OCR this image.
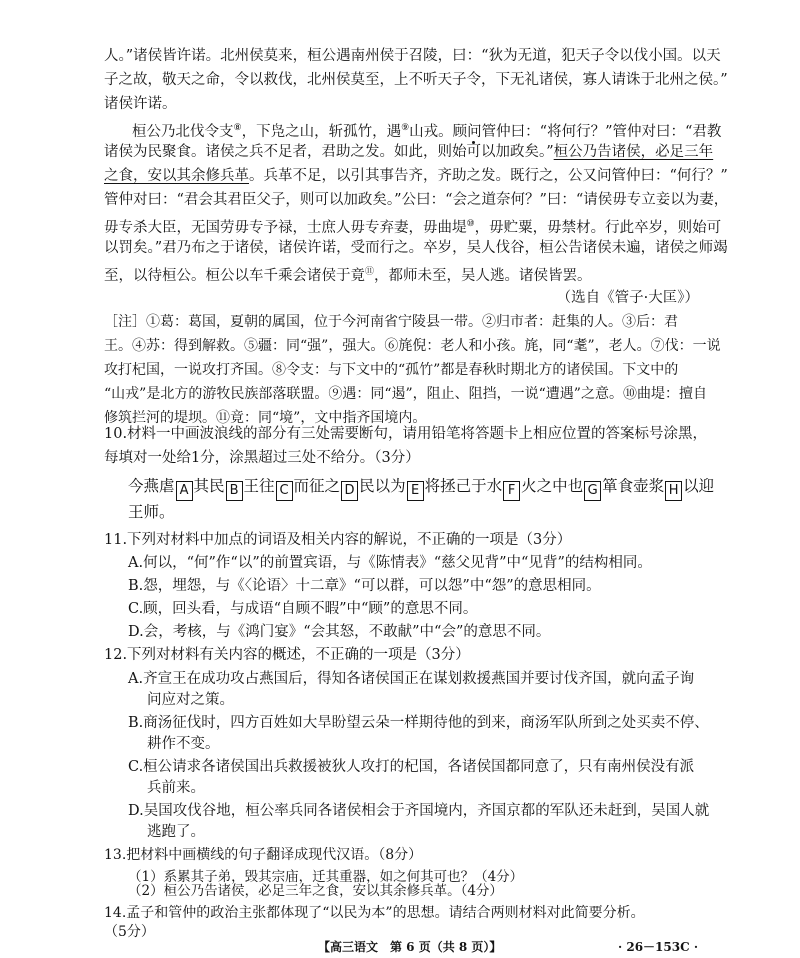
人。”诸侯皆许诺。北州侯莫来，桓公遇南州侯于召陵，曰：“狄为无道，犯天子令以伐小国。以天
子之故，敬天之命，令以救伐，北州侯莫至，上不听天子令，下无礼诸侯，寡人请诛于北州之侯。”
诸侯许诺。
桓公乃北伐令支⑧，下凫之山，斩孤竹，遇⑨山戎。顾问管仲曰：“将何行？”管仲对曰：“君教
诸侯为民聚食。诸侯之兵不足者，君助之发。如此，则始可以加政矣。”桓公乃告诸侯，必足三年
之食，安以其余修兵革。兵革不足，以引其事告齐，齐助之发。既行之，公又问管仲曰：“何行？”
管仲对曰：“君会其君臣父子，则可以加政矣。”公曰：“会之道奈何？”曰：“请侯毋专立妾以为妻，
毋专杀大臣，无国劳毋专予禄，士庶人毋专弃妻，毋曲堤⑩，毋贮粟，毋禁材。行此卒岁，则始可
以罚矣。”君乃布之于诸侯，诸侯许诺，受而行之。卒岁，吴人伐谷，桓公告诸侯未遍，诸侯之师竭
至，以待桓公。桓公以车千乘会诸侯于竟⑪，都师未至，吴人逃。诸侯皆罢。
（选自《管子·大匡》）
［注］①葛：葛国，夏朝的属国，位于今河南省宁陵县一带。②归市者：赶集的人。③后：君
王。④苏：得到解救。⑤疆：同“强”，强大。⑥旄倪：老人和小孩。旄，同“耄”，老人。⑦伐：一说
攻打杞国，一说攻打齐国。⑧令支：与下文中的“孤竹”都是春秋时期北方的诸侯国。下文中的
“山戎”是北方的游牧民族部落联盟。⑨遇：同“遏”，阻止、阻挡，一说“遭遇”之意。⑩曲堤：擅自
修筑拦河的堤坝。⑪竟：同“境”，文中指齐国境内。
10.材料一中画波浪线的部分有三处需要断句，请用铅笔将答题卡上相应位置的答案标号涂黑，
每填对一处给1分，涂黑超过三处不给分。（3分）
今燕虐 A 其民 B 王往 C 而征之 D 民以为 E 将拯己于水 F 火之中也 G 箪食壶浆 H 以迎
王师。
11.下列对材料中加点的词语及相关内容的解说，不正确的一项是（3分）
A.何以，“何”作“以”的前置宾语，与《陈情表》“慈父见背”中“见背”的结构相同。
B.怨，埋怨，与《〈论语〉十二章》“可以群，可以怨”中“怨”的意思相同。
C.顾，回头看，与成语“自顾不暇”中“顾”的意思不同。
D.会，考核，与《鸿门宴》“会其怒，不敢献”中“会”的意思不同。
12.下列对材料有关内容的概述，不正确的一项是（3分）
A.齐宣王在成功攻占燕国后，得知各诸侯国正在谋划救援燕国并要讨伐齐国，就向孟子询
问应对之策。
B.商汤征伐时，四方百姓如大旱盼望云朵一样期待他的到来，商汤军队所到之处买卖不停、
耕作不变。
C.桓公请求各诸侯国出兵救援被狄人攻打的杞国，各诸侯国都同意了，只有南州侯没有派
兵前来。
D.吴国攻伐谷地，桓公率兵同各诸侯相会于齐国境内，齐国京都的军队还未赶到，吴国人就
逃跑了。
13.把材料中画横线的句子翻译成现代汉语。（8分）
（1）系累其子弟，毁其宗庙，迁其重器，如之何其可也？（4分）
【高三语文　第 6 页（共 8 页）】	· 26－153C ·
（2）桓公乃告诸侯，必足三年之食，安以其余修兵革。（4分）
14.孟子和管仲的政治主张都体现了“以民为本”的思想。请结合两则材料对此简要分析。
（5分）
